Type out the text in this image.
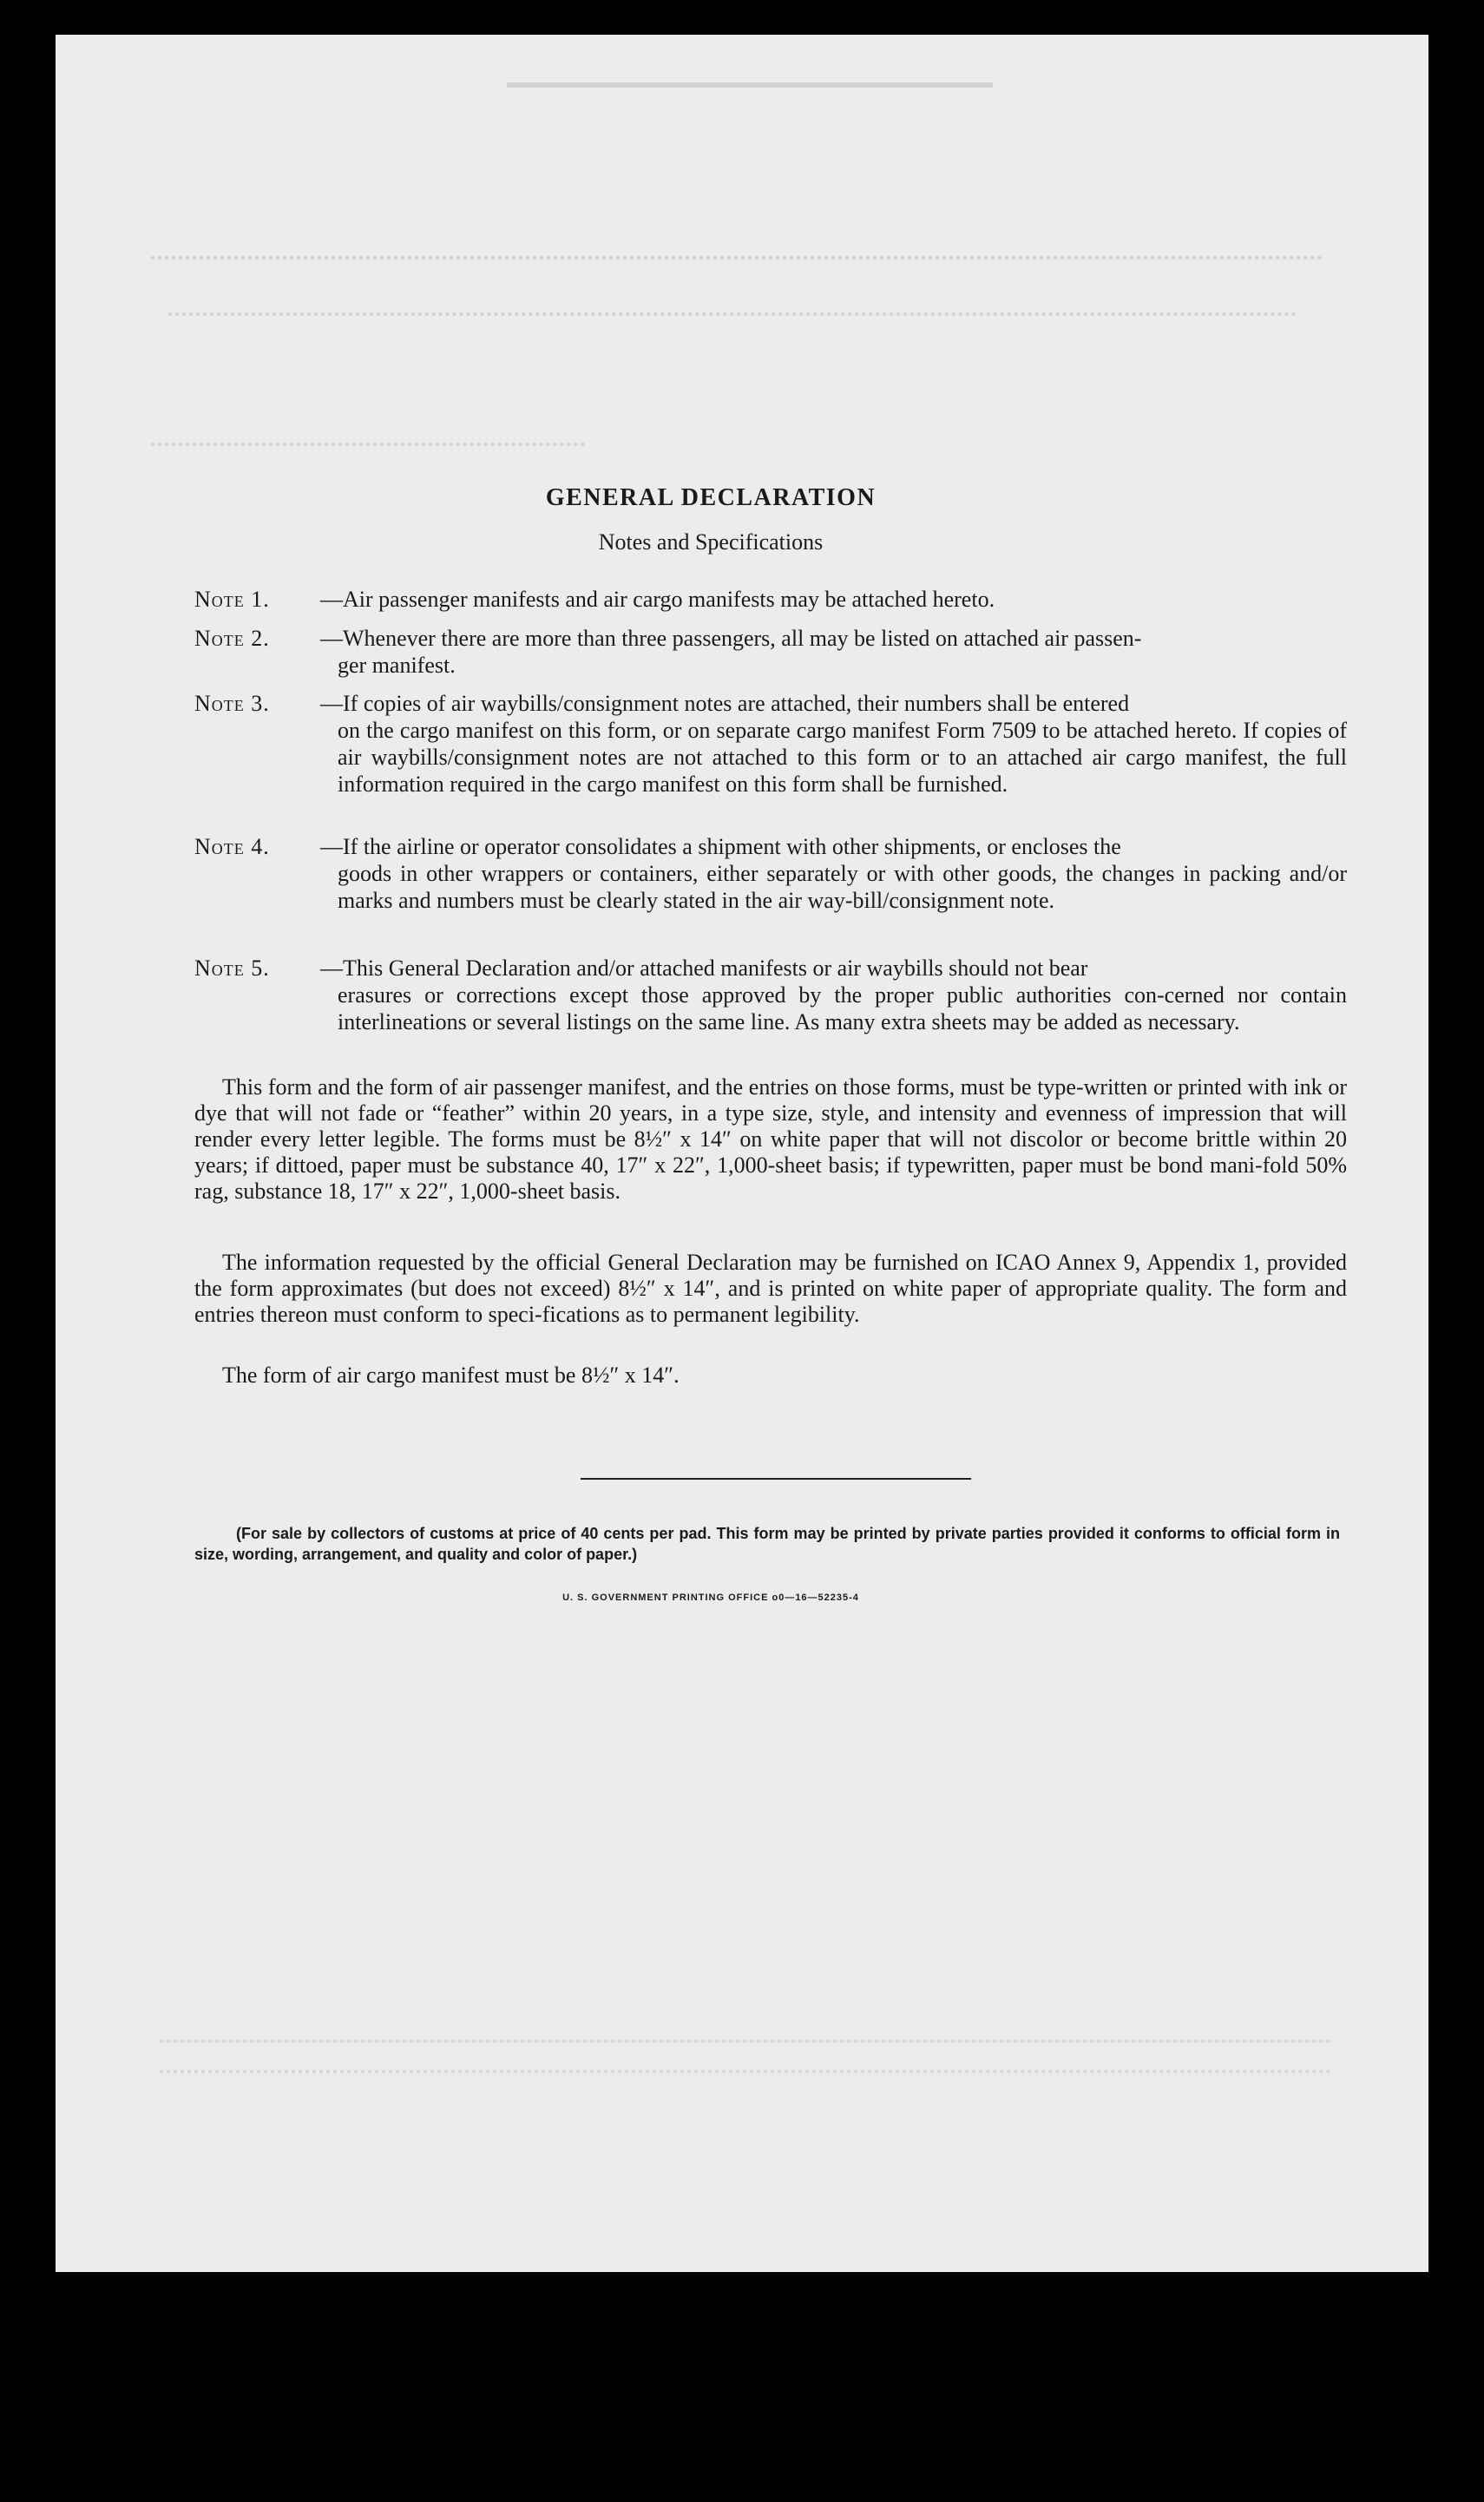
GENERAL DECLARATION
Notes and Specifications
Note 1.	—Air passenger manifests and air cargo manifests may be attached hereto.
Note 2.	—Whenever there are more than three passengers, all may be listed on attached air passen-
ger manifest.
Note 3.	—If copies of air waybills/consignment notes are attached, their numbers shall be entered
on the cargo manifest on this form, or on separate cargo manifest Form 7509 to be attached hereto. If copies of air waybills/consignment notes are not attached to this form or to an attached air cargo manifest, the full information required in the cargo manifest on this form shall be furnished.
Note 4.	—If the airline or operator consolidates a shipment with other shipments, or encloses the
goods in other wrappers or containers, either separately or with other goods, the changes in packing and/or marks and numbers must be clearly stated in the air way-bill/consignment note.
Note 5.	—This General Declaration and/or attached manifests or air waybills should not bear
erasures or corrections except those approved by the proper public authorities con-cerned nor contain interlineations or several listings on the same line. As many extra sheets may be added as necessary.
This form and the form of air passenger manifest, and the entries on those forms, must be type-written or printed with ink or dye that will not fade or “feather” within 20 years, in a type size, style, and intensity and evenness of impression that will render every letter legible. The forms must be 8½″ x 14″ on white paper that will not discolor or become brittle within 20 years; if dittoed, paper must be substance 40, 17″ x 22″, 1,000-sheet basis; if typewritten, paper must be bond mani-fold 50% rag, substance 18, 17″ x 22″, 1,000-sheet basis.
The information requested by the official General Declaration may be furnished on ICAO Annex 9, Appendix 1, provided the form approximates (but does not exceed) 8½″ x 14″, and is printed on white paper of appropriate quality. The form and entries thereon must conform to speci-fications as to permanent legibility.
The form of air cargo manifest must be 8½″ x 14″.
(For sale by collectors of customs at price of 40 cents per pad. This form may be printed by private parties provided it conforms to official form in size, wording, arrangement, and quality and color of paper.)
U. S. GOVERNMENT PRINTING OFFICE o0—16—52235-4
